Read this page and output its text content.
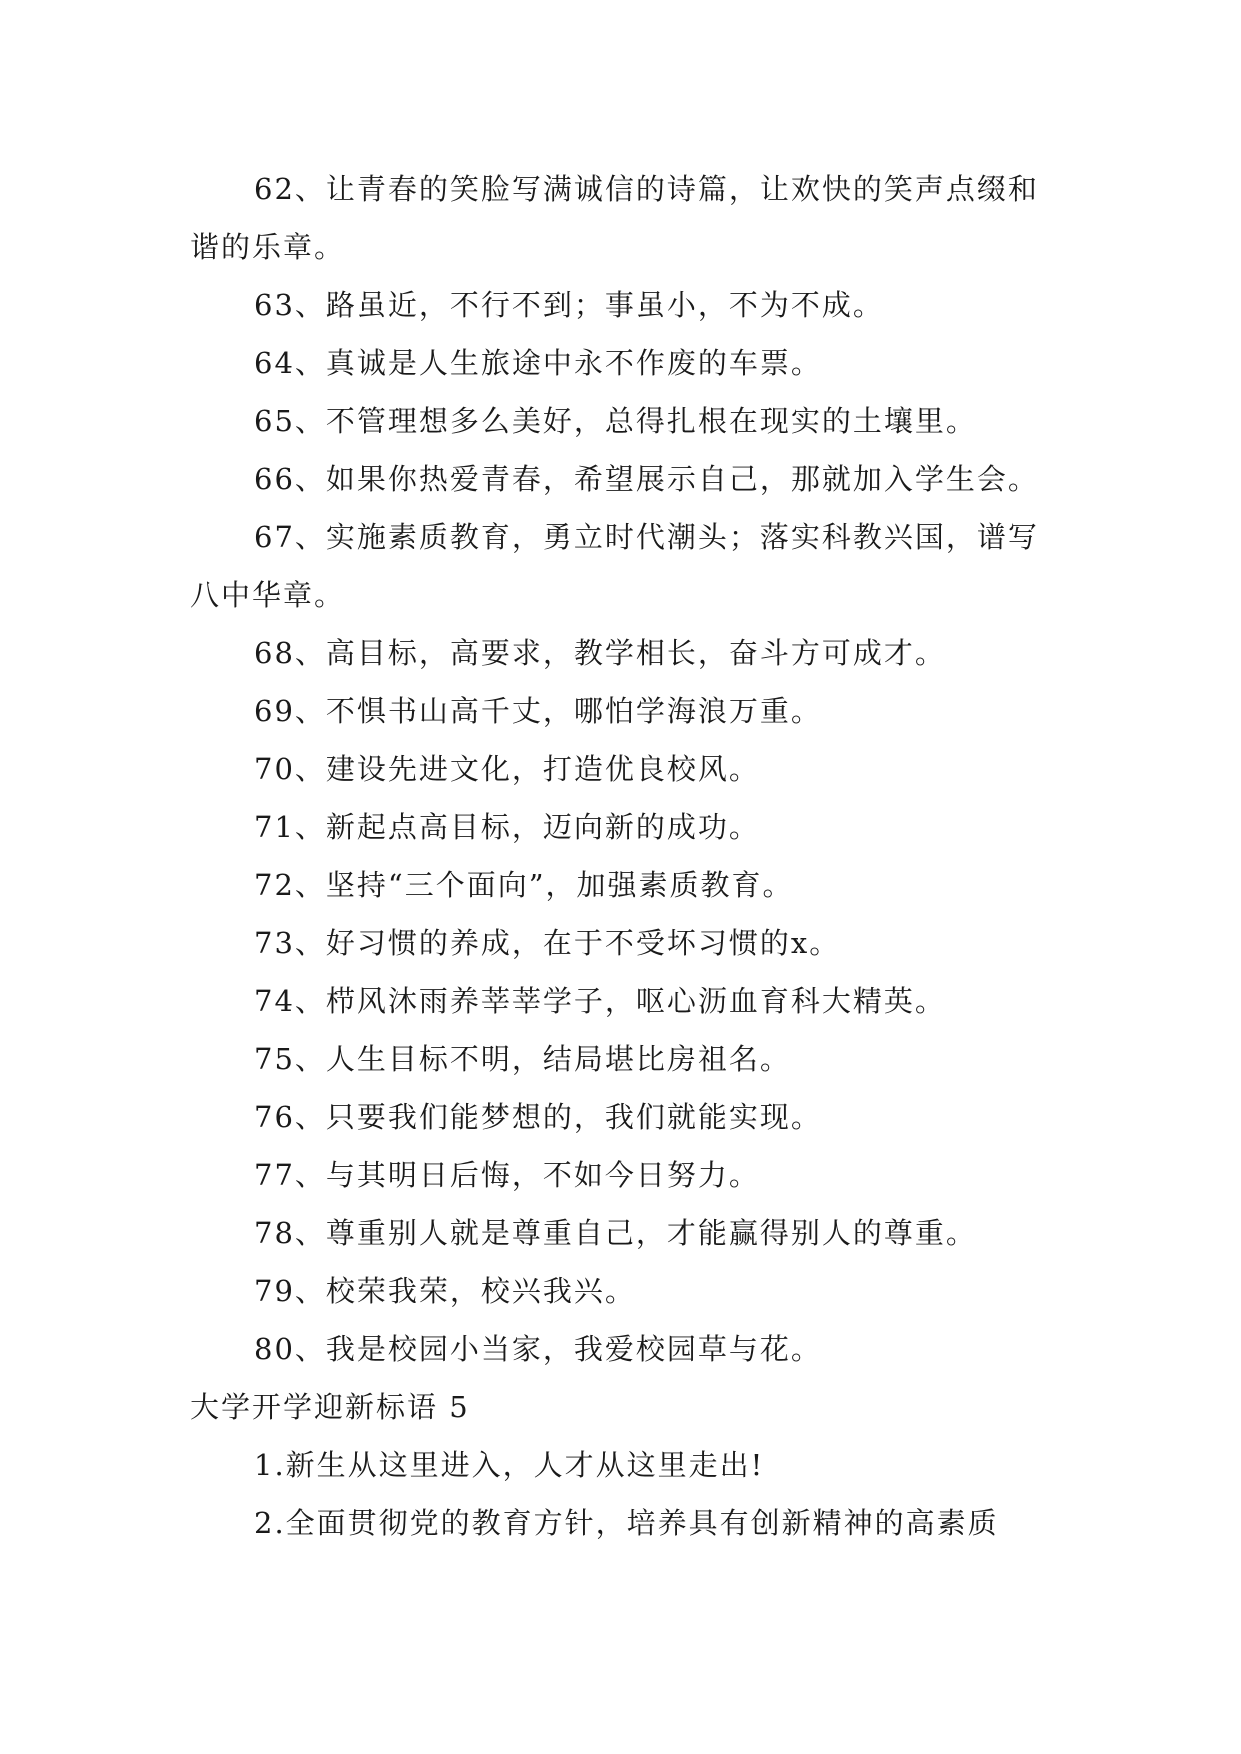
62、让青春的笑脸写满诚信的诗篇，让欢快的笑声点缀和谐的乐章。

63、路虽近，不行不到；事虽小，不为不成。

64、真诚是人生旅途中永不作废的车票。

65、不管理想多么美好，总得扎根在现实的土壤里。

66、如果你热爱青春，希望展示自己，那就加入学生会。

67、实施素质教育，勇立时代潮头；落实科教兴国，谱写八中华章。

68、高目标，高要求，教学相长，奋斗方可成才。

69、不惧书山高千丈，哪怕学海浪万重。

70、建设先进文化，打造优良校风。

71、新起点高目标，迈向新的成功。

72、坚持“三个面向”，加强素质教育。

73、好习惯的养成，在于不受坏习惯的x。

74、栉风沐雨养莘莘学子，呕心沥血育科大精英。

75、人生目标不明，结局堪比房祖名。

76、只要我们能梦想的，我们就能实现。

77、与其明日后悔，不如今日努力。

78、尊重别人就是尊重自己，才能赢得别人的尊重。

79、校荣我荣，校兴我兴。

80、我是校园小当家，我爱校园草与花。

大学开学迎新标语 5

1.新生从这里进入，人才从这里走出!

2.全面贯彻党的教育方针，培养具有创新精神的高素质
